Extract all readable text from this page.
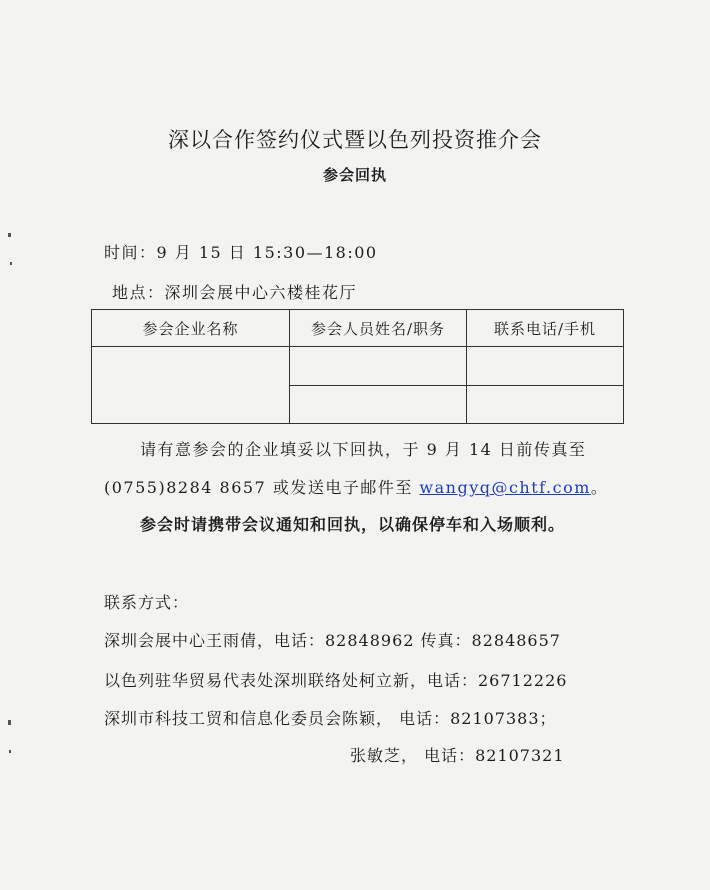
深以合作签约仪式暨以色列投资推介会
参会回执
时间：9 月 15 日 15:30—18:00
地点：深圳会展中心六楼桂花厅
参会企业名称	参会人员姓名/职务	联系电话/手机

请有意参会的企业填妥以下回执，于 9 月 14 日前传真至
(0755)8284 8657 或发送电子邮件至 wangyq@chtf.com。
参会时请携带会议通知和回执，以确保停车和入场顺利。
联系方式：
深圳会展中心王雨倩，电话：82848962 传真：82848657
以色列驻华贸易代表处深圳联络处柯立新，电话：26712226
深圳市科技工贸和信息化委员会陈颖， 电话：82107383；
张敏芝， 电话：82107321
